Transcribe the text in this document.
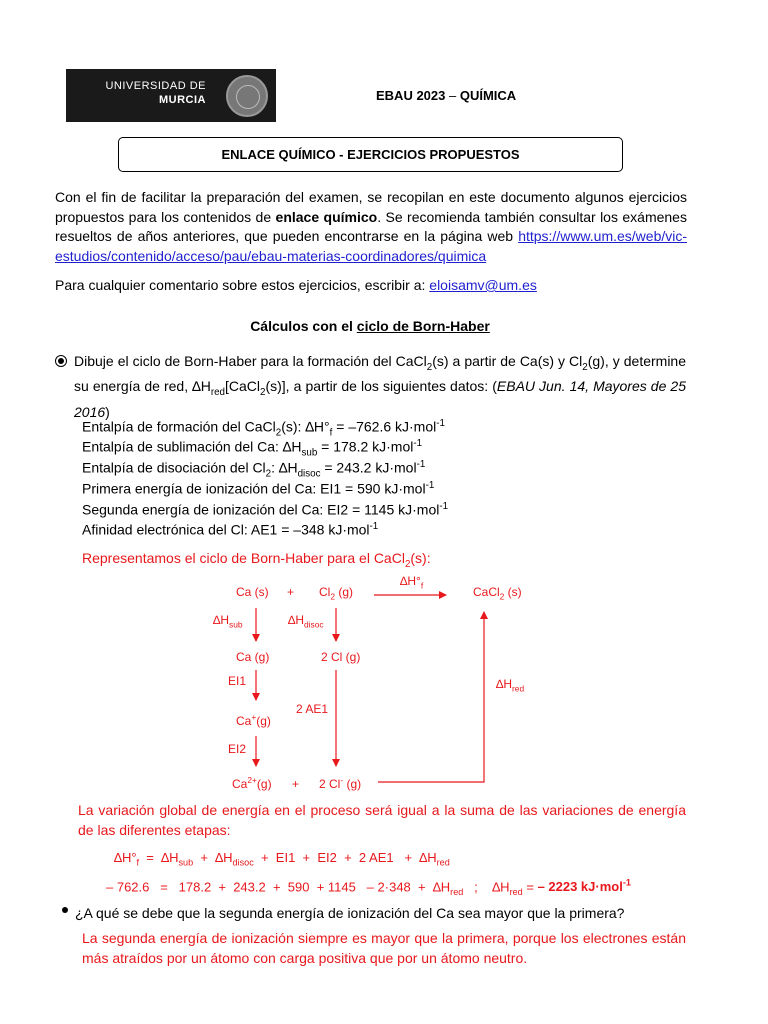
UNIVERSIDAD DE
MURCIA	EBAU 2023 – QUÍMICA
ENLACE QUÍMICO - EJERCICIOS PROPUESTOS
Con el fin de facilitar la preparación del examen, se recopilan en este documento algunos ejercicios propuestos para los contenidos de enlace químico. Se recomienda también consultar los exámenes resueltos de años anteriores, que pueden encontrarse en la página web https://www.um.es/web/vic-estudios/contenido/acceso/pau/ebau-materias-coordinadores/quimica
Para cualquier comentario sobre estos ejercicios, escribir a: eloisamv@um.es
Cálculos con el ciclo de Born-Haber
Dibuje el ciclo de Born-Haber para la formación del CaCl$_2$(s) a partir de Ca(s) y $Cl_2(g)$, y determine su energía de red, $\Delta H_{red}[CaCl_2(s)]$, a partir de los siguientes datos: (EBAU Jun. 14, Mayores de 25 2016)
Entalpía de formación del CaCl$_2$(s): $\Delta H^\circ_f = -762.6$ kJ·mol$^{-1}$
Entalpía de sublimación del Ca: $\Delta H_{sub} = 178.2$ kJ·mol$^{-1}$
Entalpía de disociación del $Cl_2$: $\Delta H_{disoc} = 243.2$ kJ·mol$^{-1}$
Primera energía de ionización del Ca: EI1 = 590 kJ·mol$^{-1}$
Segunda energía de ionización del Ca: EI2 = 1145 kJ·mol$^{-1}$
Afinidad electrónica del Cl: AE1 = –348 kJ·mol$^{-1}$
Representamos el ciclo de Born-Haber para el CaCl$_2$(s):
Ca $(s) + Cl_2$ (g)
$\Delta H^\circ_f$	CaCl$_2$ (s)
$\Delta H_{sub}$	$\Delta H_{disoc}$
Ca (g)	2 Cl (g)
EI1	$\Delta H_{red}$
2 AE1
Ca+(g)
EI2
$Ca^{2+}(g) + 2$ Cl- (g)
La variación global de energía en el proceso será igual a la suma de las variaciones de energía de las diferentes etapas:
$\Delta H^\circ_f = \Delta H_{sub} + \Delta H_{disoc} + EI1 + EI2 + 2$ $AE1 + \Delta H_{red}$
– $762.6 = 178.2 + 243.2 + 590 + 1145 - 2\cdot 348 + \Delta H_{red}$   ;    $\Delta H_{red}$ = – 2223 kJ·mol$^{-1}$
¿A qué se debe que la segunda energía de ionización del Ca sea mayor que la primera?
La segunda energía de ionización siempre es mayor que la primera, porque los electrones están más atraídos por un átomo con carga positiva que por un átomo neutro.
